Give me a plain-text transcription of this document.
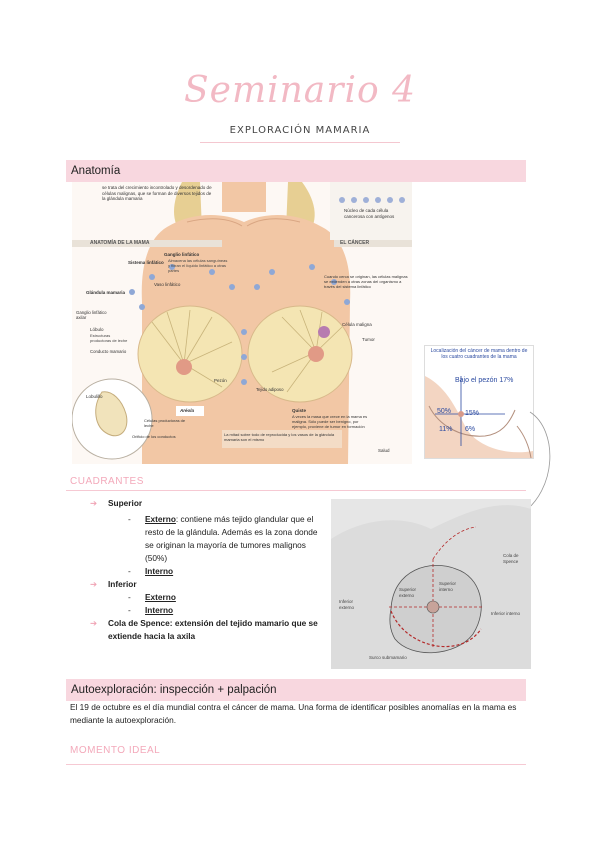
Seminario 4
EXPLORACIÓN MAMARIA
Anatomía
se trata del crecimiento incontrolado y desordenado de células malignas, que se forman de diversos tejidos de la glándula mamaria
Núcleo de cada célula cancerosa con antígenos
ANATOMÍA DE LA MAMA	EL CÁNCER
Ganglio linfático
Almacena las células sanguíneas y filtran el líquido linfático a otras partes
Sistema linfático
Vaso linfático
Glándula mamaria
Ganglio linfático axilar
Lóbulo
Estructuras productoras de leche
Conducto mamario
Lobulillo
Células productoras de leche
Orificio de los conductos
Pezón
Aréola
Tejido adiposo
Célula maligna
Tumor
Cuando cerca se originan, las células malignas se extienden a otras zonas del organismo a través del sistema linfático
Quiste
A veces la masa que crece en la mama es maligna. Sólo puede ser benigno, por ejemplo, proviene de tumor en formación
La mitad sobre todo de reproducida y los vasos de la glándula mamaria son el mismo
Salud
Localización del cáncer de mama dentro de los cuatro cuadrantes de la mama
Bajo el pezón 17%
50% 15%
11% 6%
CUADRANTES
Cola de Spence
Superior externo
Superior interno
Inferior externo
Inferior interno
Surco submamario
➔ Superior
- Externo: contiene más tejido glandular que el resto de la glándula. Además es la zona donde se originan la mayoría de tumores malignos (50%)
- Interno
➔ Inferior
- Externo
- Interno
➔ Cola de Spence: extensión del tejido mamario que se extiende hacia la axila
Autoexploración: inspección + palpación
El 19 de octubre es el día mundial contra el cáncer de mama. Una forma de identificar posibles anomalías en la mama es mediante la autoexploración.
MOMENTO IDEAL
